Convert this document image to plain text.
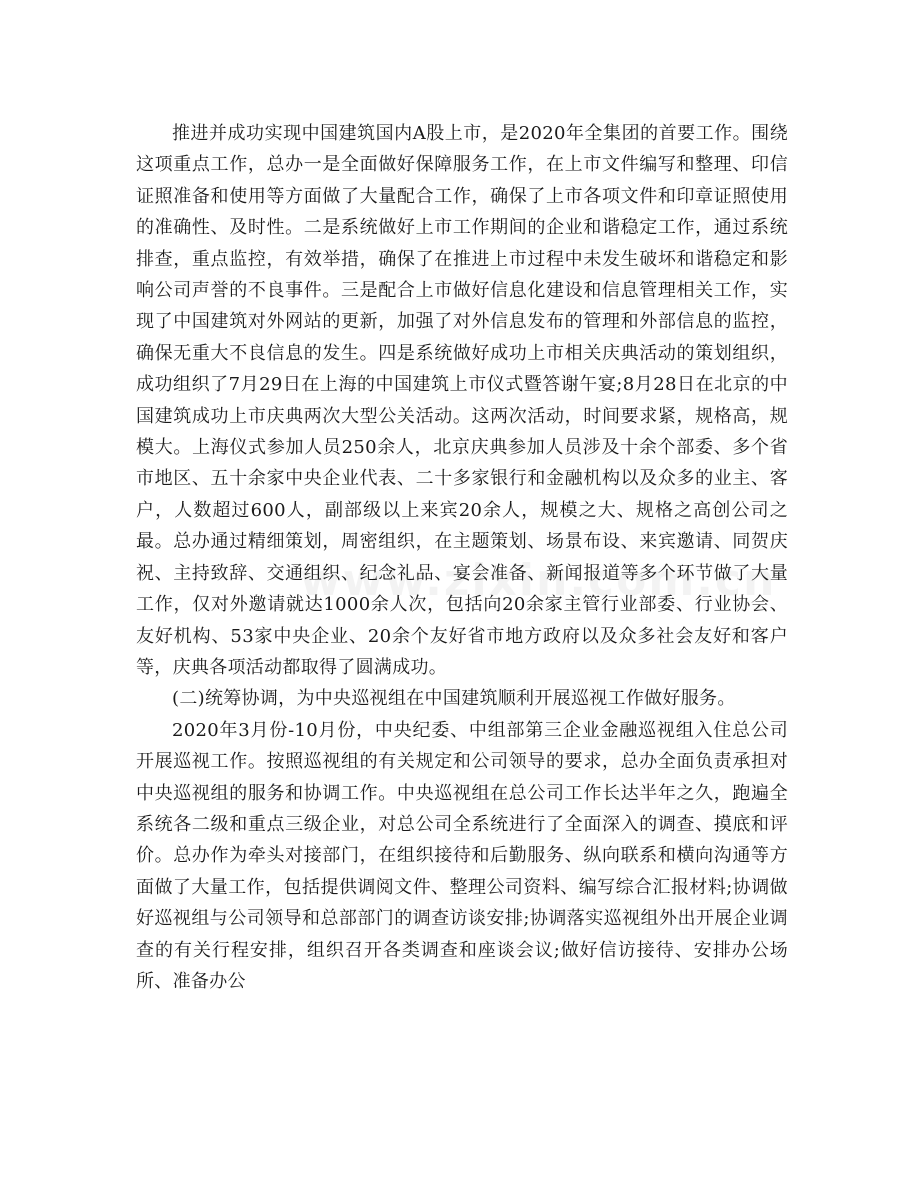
推进并成功实现中国建筑国内A股上市，是2020年全集团的首要工作。围绕这项重点工作，总办一是全面做好保障服务工作，在上市文件编写和整理、印信证照准备和使用等方面做了大量配合工作，确保了上市各项文件和印章证照使用的准确性、及时性。二是系统做好上市工作期间的企业和谐稳定工作，通过系统排查，重点监控，有效举措，确保了在推进上市过程中未发生破坏和谐稳定和影响公司声誉的不良事件。三是配合上市做好信息化建设和信息管理相关工作，实现了中国建筑对外网站的更新，加强了对外信息发布的管理和外部信息的监控，确保无重大不良信息的发生。四是系统做好成功上市相关庆典活动的策划组织，成功组织了7月29日在上海的中国建筑上市仪式暨答谢午宴;8月28日在北京的中国建筑成功上市庆典两次大型公关活动。这两次活动，时间要求紧，规格高，规模大。上海仪式参加人员250余人，北京庆典参加人员涉及十余个部委、多个省市地区、五十余家中央企业代表、二十多家银行和金融机构以及众多的业主、客户，人数超过600人，副部级以上来宾20余人，规模之大、规格之高创公司之最。总办通过精细策划，周密组织，在主题策划、场景布设、来宾邀请、同贺庆祝、主持致辞、交通组织、纪念礼品、宴会准备、新闻报道等多个环节做了大量工作，仅对外邀请就达1000余人次，包括向20余家主管行业部委、行业协会、友好机构、53家中央企业、20余个友好省市地方政府以及众多社会友好和客户等，庆典各项活动都取得了圆满成功。

(二)统筹协调，为中央巡视组在中国建筑顺利开展巡视工作做好服务。

2020年3月份-10月份，中央纪委、中组部第三企业金融巡视组入住总公司开展巡视工作。按照巡视组的有关规定和公司领导的要求，总办全面负责承担对中央巡视组的服务和协调工作。中央巡视组在总公司工作长达半年之久，跑遍全系统各二级和重点三级企业，对总公司全系统进行了全面深入的调查、摸底和评价。总办作为牵头对接部门，在组织接待和后勤服务、纵向联系和横向沟通等方面做了大量工作，包括提供调阅文件、整理公司资料、编写综合汇报材料;协调做好巡视组与公司领导和总部部门的调查访谈安排;协调落实巡视组外出开展企业调查的有关行程安排，组织召开各类调查和座谈会议;做好信访接待、安排办公场所、准备办公
